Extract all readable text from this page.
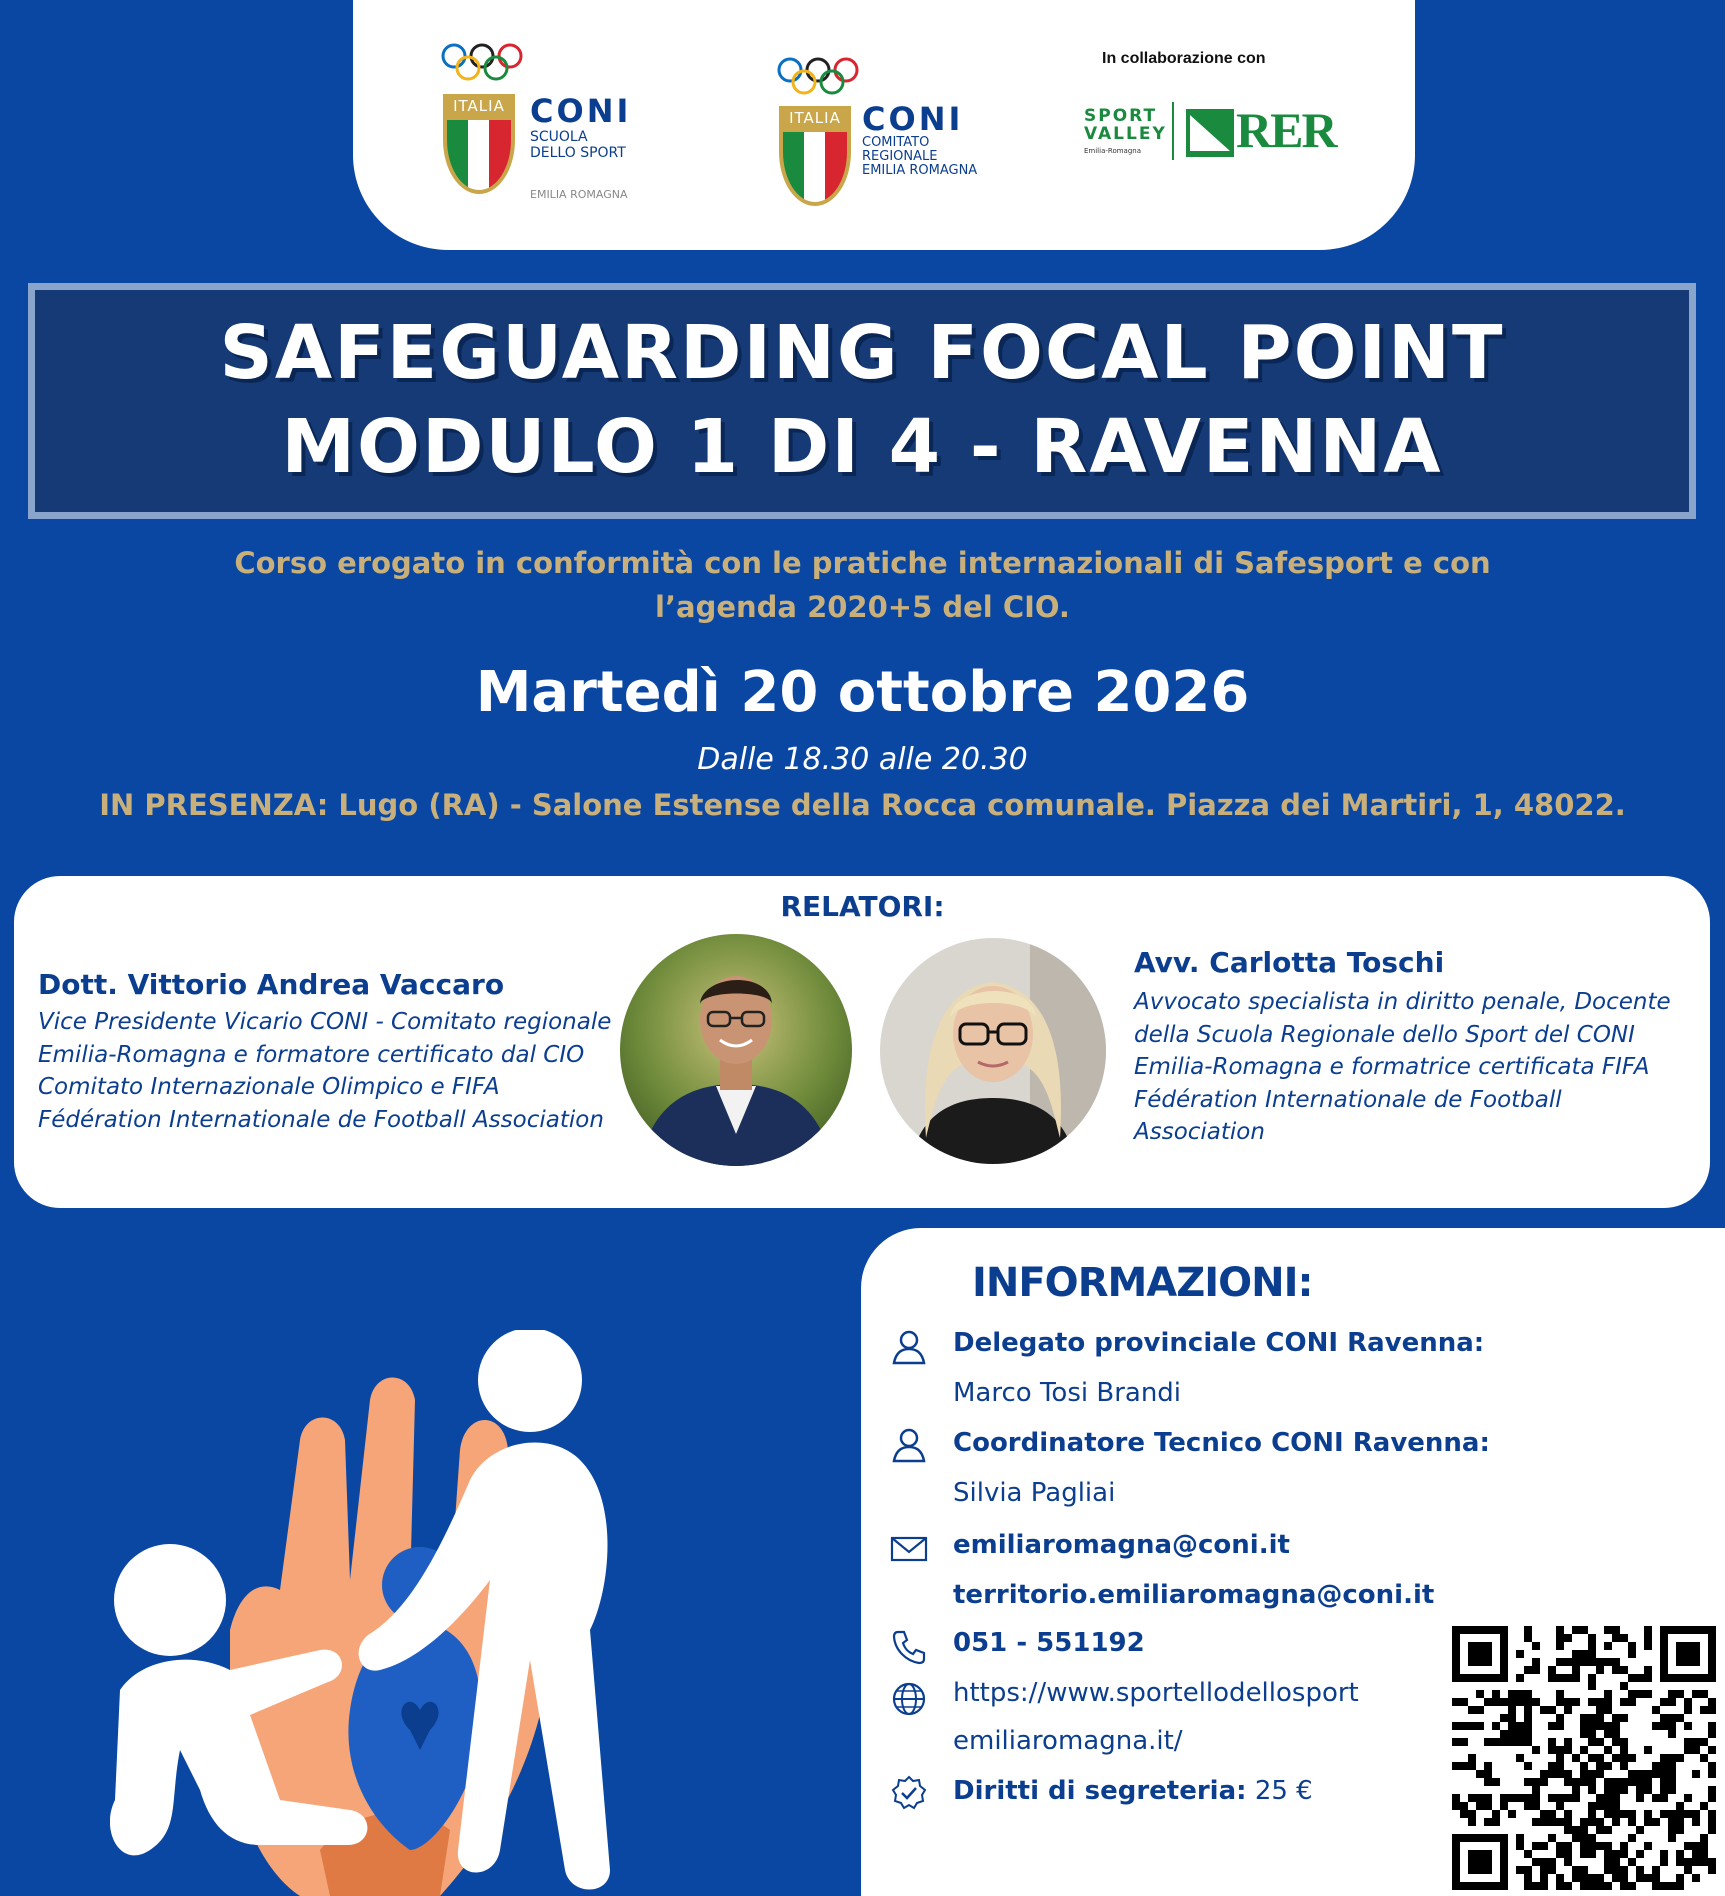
ITALIA CONI
SCUOLA
DELLO SPORT
EMILIA ROMAGNA
ITALIA CONI
COMITATO
REGIONALE
EMILIA ROMAGNA
In collaborazione con
SPORT
VALLEY
Emilia-Romagna RER
SAFEGUARDING FOCAL POINT
MODULO 1 DI 4 - RAVENNA
Corso erogato in conformità con le pratiche internazionali di Safesport e con
l’agenda 2020+5 del CIO.
Martedì 20 ottobre 2026
Dalle 18.30 alle 20.30
IN PRESENZA: Lugo (RA) - Salone Estense della Rocca comunale. Piazza dei Martiri, 1, 48022.
RELATORI:
Dott. Vittorio Andrea Vaccaro
Vice Presidente Vicario CONI - Comitato regionale
Emilia-Romagna e formatore certificato dal CIO
Comitato Internazionale Olimpico e FIFA
Fédération Internationale de Football Association
Avv. Carlotta Toschi
Avvocato specialista in diritto penale, Docente
della Scuola Regionale dello Sport del CONI
Emilia-Romagna e formatrice certificata FIFA
Fédération Internationale de Football
Association
INFORMAZIONI:
Delegato provinciale CONI Ravenna:
Marco Tosi Brandi
Coordinatore Tecnico CONI Ravenna:
Silvia Pagliai
emiliaromagna@coni.it
territorio.emiliaromagna@coni.it
051 - 551192
https://www.sportellodellosport
emiliaromagna.it/
Diritti di segreteria: 25 €
